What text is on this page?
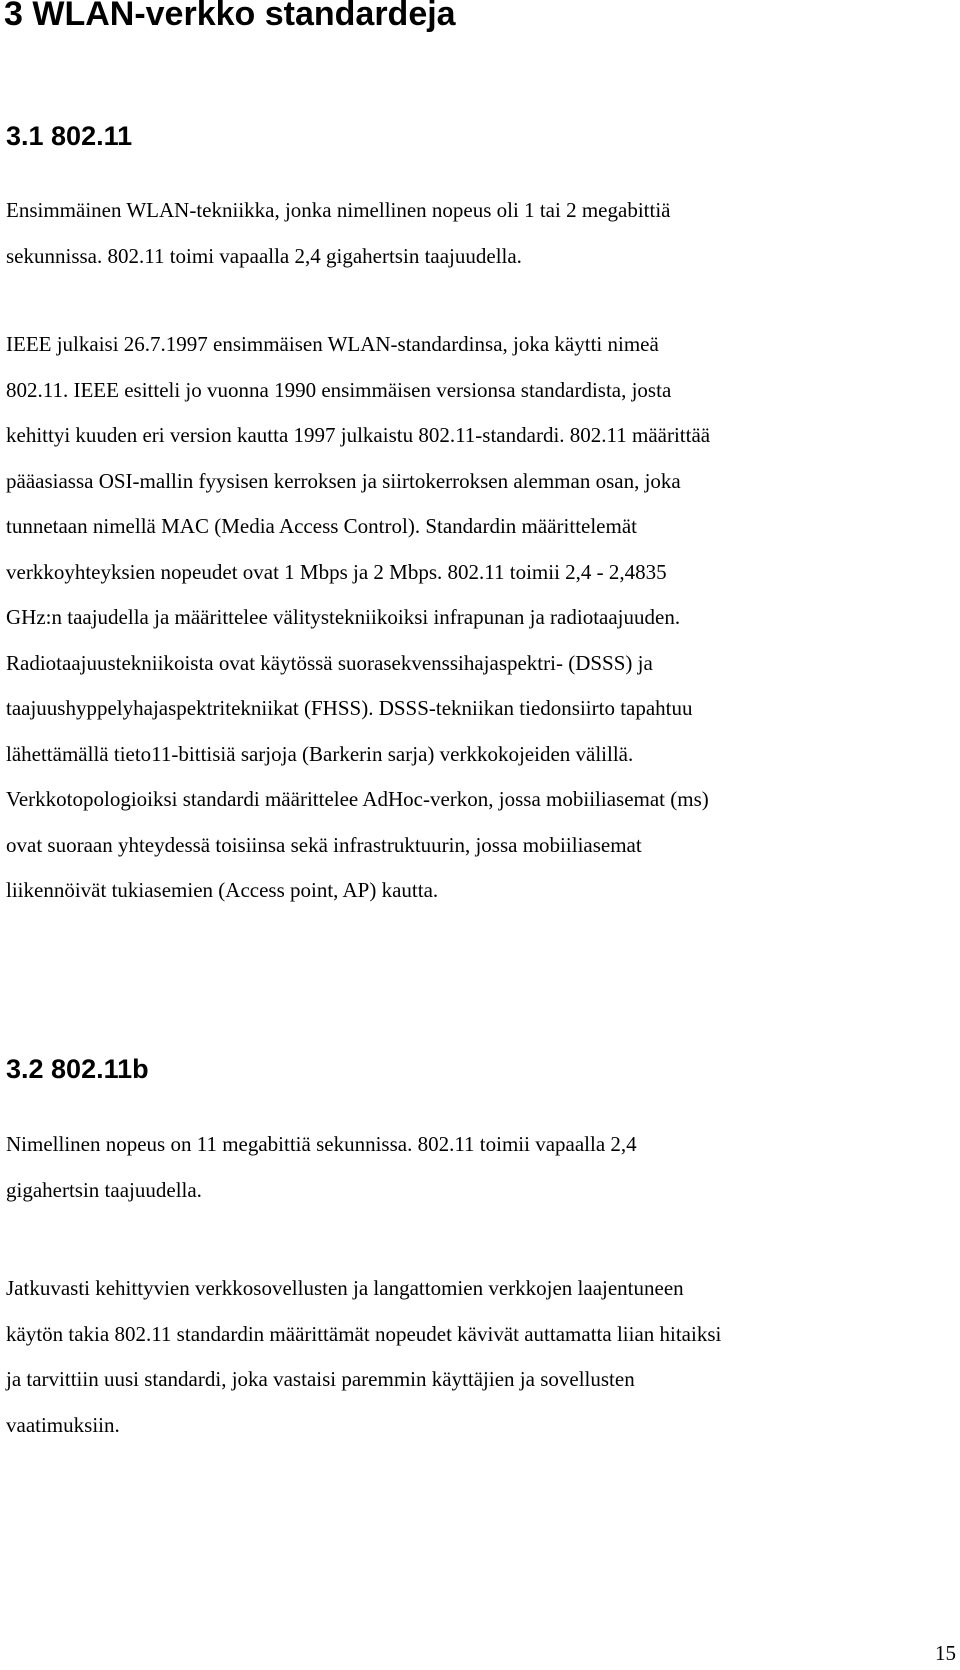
3 WLAN-verkko standardeja
3.1 802.11
Ensimmäinen WLAN-tekniikka, jonka nimellinen nopeus oli 1 tai 2 megabittiä
sekunnissa. 802.11 toimi vapaalla 2,4 gigahertsin taajuudella.
IEEE julkaisi 26.7.1997 ensimmäisen WLAN-standardinsa, joka käytti nimeä
802.11. IEEE esitteli jo vuonna 1990 ensimmäisen versionsa standardista, josta
kehittyi kuuden eri version kautta 1997 julkaistu 802.11-standardi. 802.11 määrittää
pääasiassa OSI-mallin fyysisen kerroksen ja siirtokerroksen alemman osan, joka
tunnetaan nimellä MAC (Media Access Control). Standardin määrittelemät
verkkoyhteyksien nopeudet ovat 1 Mbps ja 2 Mbps. 802.11 toimii 2,4 - 2,4835
GHz:n taajudella ja määrittelee välitystekniikoiksi infrapunan ja radiotaajuuden.
Radiotaajuustekniikoista ovat käytössä suorasekvenssihajaspektri- (DSSS) ja
taajuushyppelyhajaspektritekniikat (FHSS). DSSS-tekniikan tiedonsiirto tapahtuu
lähettämällä tieto11-bittisiä sarjoja (Barkerin sarja) verkkokojeiden välillä.
Verkkotopologioiksi standardi määrittelee AdHoc-verkon, jossa mobiiliasemat (ms)
ovat suoraan yhteydessä toisiinsa sekä infrastruktuurin, jossa mobiiliasemat
liikennöivät tukiasemien (Access point, AP) kautta.
3.2 802.11b
Nimellinen nopeus on 11 megabittiä sekunnissa. 802.11 toimii vapaalla 2,4
gigahertsin taajuudella.
Jatkuvasti kehittyvien verkkosovellusten ja langattomien verkkojen laajentuneen
käytön takia 802.11 standardin määrittämät nopeudet kävivät auttamatta liian hitaiksi
ja tarvittiin uusi standardi, joka vastaisi paremmin käyttäjien ja sovellusten
vaatimuksiin.
15
